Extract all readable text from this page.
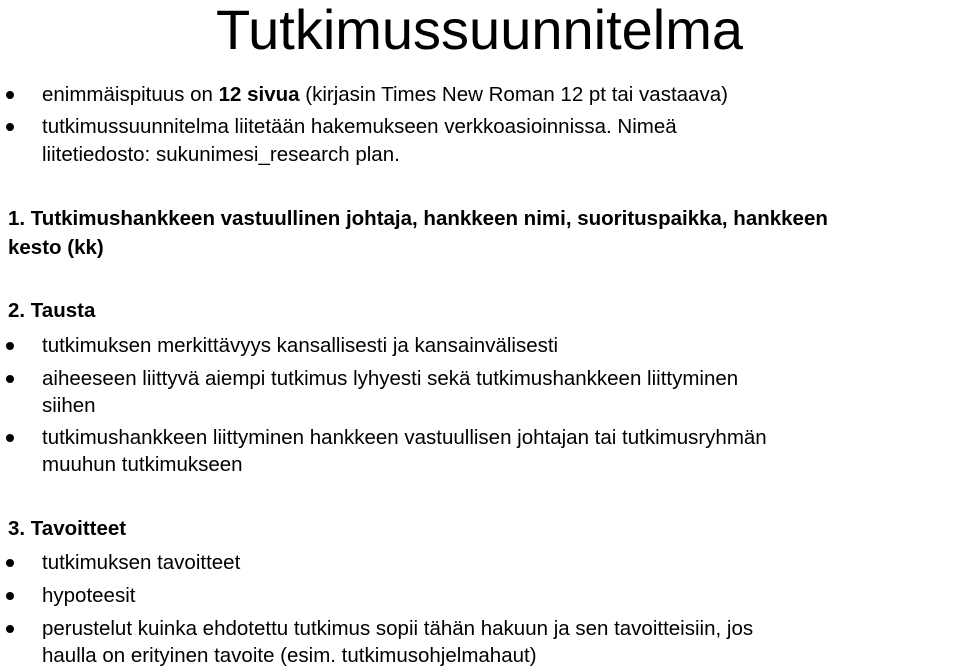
Tutkimussuunnitelma
enimmäispituus on 12 sivua (kirjasin Times New Roman 12 pt tai vastaava)
tutkimussuunnitelma liitetään hakemukseen verkkoasioinnissa. Nimeä
liitetiedosto: sukunimesi_research plan.
1. Tutkimushankkeen vastuullinen johtaja, hankkeen nimi, suorituspaikka, hankkeen
kesto (kk)
2. Tausta
tutkimuksen merkittävyys kansallisesti ja kansainvälisesti
aiheeseen liittyvä aiempi tutkimus lyhyesti sekä tutkimushankkeen liittyminen
siihen
tutkimushankkeen liittyminen hankkeen vastuullisen johtajan tai tutkimusryhmän
muuhun tutkimukseen
3. Tavoitteet
tutkimuksen tavoitteet
hypoteesit
perustelut kuinka ehdotettu tutkimus sopii tähän hakuun ja sen tavoitteisiin, jos
haulla on erityinen tavoite (esim. tutkimusohjelmahaut)
